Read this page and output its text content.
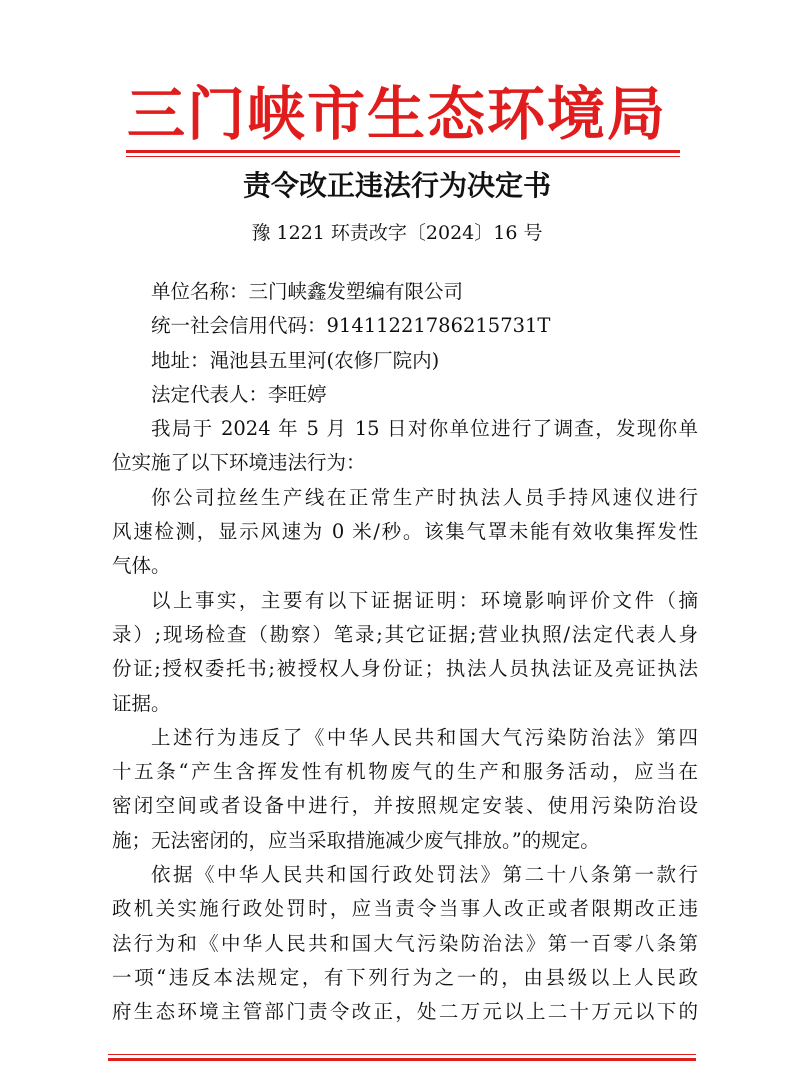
三门峡市生态环境局
责令改正违法行为决定书
豫 1221 环责改字〔2024〕16 号
单位名称：三门峡鑫发塑编有限公司
统一社会信用代码：91411221786215731T
地址：渑池县五里河(农修厂院内)
法定代表人：李旺婷
我局于 2024 年 5 月 15 日对你单位进行了调查，发现你单
位实施了以下环境违法行为：
你公司拉丝生产线在正常生产时执法人员手持风速仪进行
风速检测，显示风速为 0 米/秒。该集气罩未能有效收集挥发性
气体。
以上事实，主要有以下证据证明：环境影响评价文件（摘
录）;现场检查（勘察）笔录;其它证据;营业执照/法定代表人身
份证;授权委托书;被授权人身份证；执法人员执法证及亮证执法
证据。
上述行为违反了《中华人民共和国大气污染防治法》第四
十五条“产生含挥发性有机物废气的生产和服务活动，应当在
密闭空间或者设备中进行，并按照规定安装、使用污染防治设
施；无法密闭的，应当采取措施减少废气排放。”的规定。
依据《中华人民共和国行政处罚法》第二十八条第一款行
政机关实施行政处罚时，应当责令当事人改正或者限期改正违
法行为和《中华人民共和国大气污染防治法》第一百零八条第
一项“违反本法规定，有下列行为之一的，由县级以上人民政
府生态环境主管部门责令改正，处二万元以上二十万元以下的
